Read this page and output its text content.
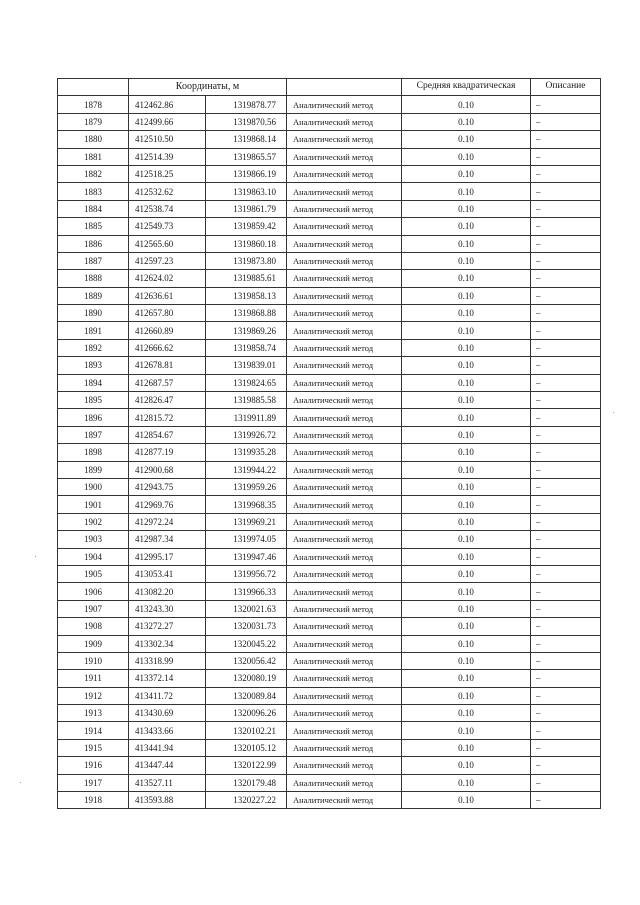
	Координаты, м			Средняя квадратическая	Описание
1878	412462.86	1319878.77	Аналитический метод	0.10	–
1879	412499.66	1319870.56	Аналитический метод	0.10	–
1880	412510.50	1319868.14	Аналитический метод	0.10	–
1881	412514.39	1319865.57	Аналитический метод	0.10	–
1882	412518.25	1319866.19	Аналитический метод	0.10	–
1883	412532.62	1319863.10	Аналитический метод	0.10	–
1884	412538.74	1319861.79	Аналитический метод	0.10	–
1885	412549.73	1319859.42	Аналитический метод	0.10	–
1886	412565.60	1319860.18	Аналитический метод	0.10	–
1887	412597.23	1319873.80	Аналитический метод	0.10	–
1888	412624.02	1319885.61	Аналитический метод	0.10	–
1889	412636.61	1319858.13	Аналитический метод	0.10	–
1890	412657.80	1319868.88	Аналитический метод	0.10	–
1891	412660.89	1319869.26	Аналитический метод	0.10	–
1892	412666.62	1319858.74	Аналитический метод	0.10	–
1893	412678.81	1319839.01	Аналитический метод	0.10	–
1894	412687.57	1319824.65	Аналитический метод	0.10	–
1895	412826.47	1319885.58	Аналитический метод	0.10	–
1896	412815.72	1319911.89	Аналитический метод	0.10	–
1897	412854.67	1319926.72	Аналитический метод	0.10	–
1898	412877.19	1319935.28	Аналитический метод	0.10	–
1899	412900.68	1319944.22	Аналитический метод	0.10	–
1900	412943.75	1319959.26	Аналитический метод	0.10	–
1901	412969.76	1319968.35	Аналитический метод	0.10	–
1902	412972.24	1319969.21	Аналитический метод	0.10	–
1903	412987.34	1319974.05	Аналитический метод	0.10	–
1904	412995.17	1319947.46	Аналитический метод	0.10	–
1905	413053.41	1319956.72	Аналитический метод	0.10	–
1906	413082.20	1319966.33	Аналитический метод	0.10	–
1907	413243.30	1320021.63	Аналитический метод	0.10	–
1908	413272.27	1320031.73	Аналитический метод	0.10	–
1909	413302.34	1320045.22	Аналитический метод	0.10	–
1910	413318.99	1320056.42	Аналитический метод	0.10	–
1911	413372.14	1320080.19	Аналитический метод	0.10	–
1912	413411.72	1320089.84	Аналитический метод	0.10	–
1913	413430.69	1320096.26	Аналитический метод	0.10	–
1914	413433.66	1320102.21	Аналитический метод	0.10	–
1915	413441.94	1320105.12	Аналитический метод	0.10	–
1916	413447.44	1320122.99	Аналитический метод	0.10	–
1917	413527.11	1320179.48	Аналитический метод	0.10	–
1918	413593.88	1320227.22	Аналитический метод	0.10	–
